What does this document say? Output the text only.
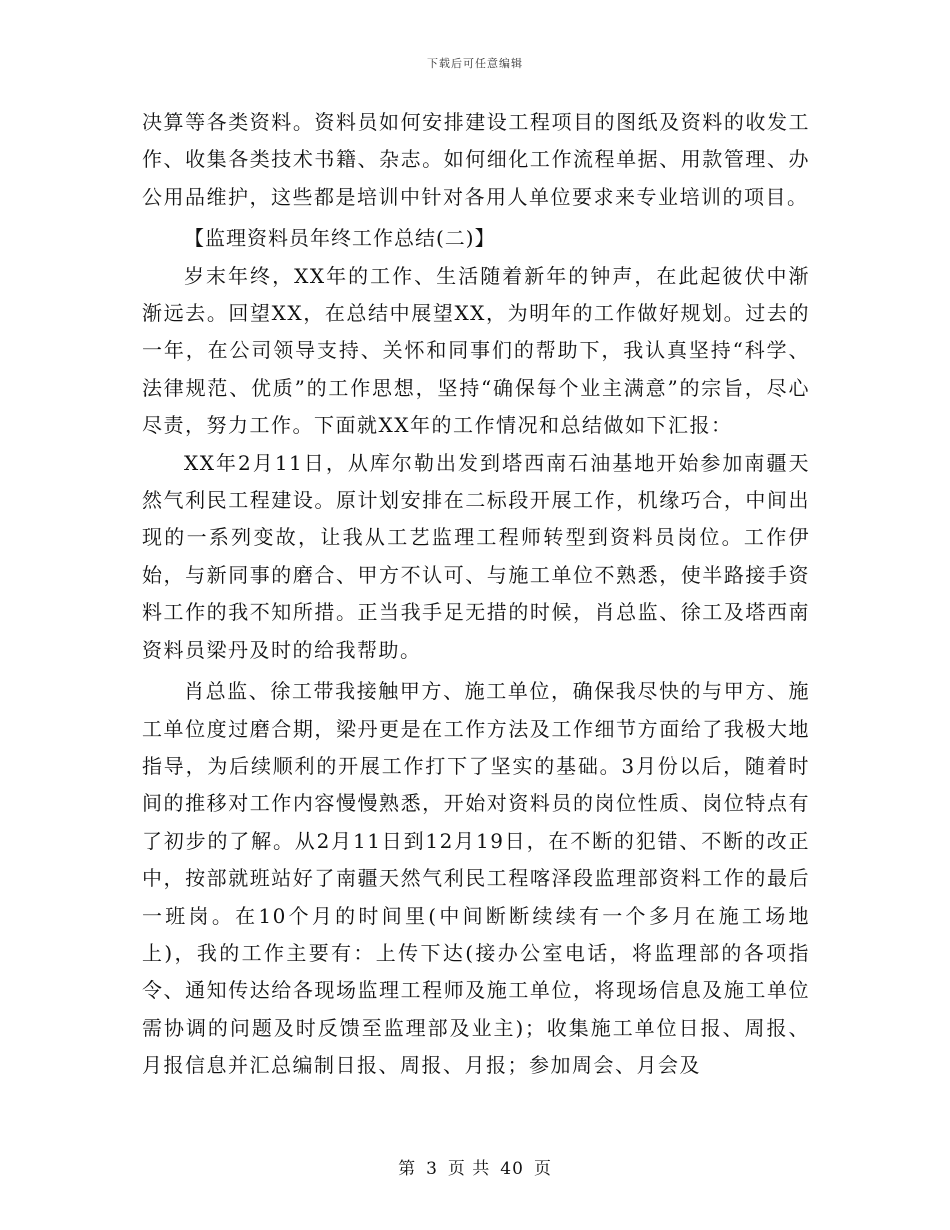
下载后可任意编辑

决算等各类资料。资料员如何安排建设工程项目的图纸及资料的收发工作、收集各类技术书籍、杂志。如何细化工作流程单据、用款管理、办公用品维护，这些都是培训中针对各用人单位要求来专业培训的项目。

【监理资料员年终工作总结(二)】

岁末年终，XX年的工作、生活随着新年的钟声，在此起彼伏中渐渐远去。回望XX，在总结中展望XX，为明年的工作做好规划。过去的一年，在公司领导支持、关怀和同事们的帮助下，我认真坚持“科学、法律规范、优质”的工作思想，坚持“确保每个业主满意”的宗旨，尽心尽责，努力工作。下面就XX年的工作情况和总结做如下汇报：

XX年2月11日，从库尔勒出发到塔西南石油基地开始参加南疆天然气利民工程建设。原计划安排在二标段开展工作，机缘巧合，中间出现的一系列变故，让我从工艺监理工程师转型到资料员岗位。工作伊始，与新同事的磨合、甲方不认可、与施工单位不熟悉，使半路接手资料工作的我不知所措。正当我手足无措的时候，肖总监、徐工及塔西南资料员梁丹及时的给我帮助。

肖总监、徐工带我接触甲方、施工单位，确保我尽快的与甲方、施工单位度过磨合期，梁丹更是在工作方法及工作细节方面给了我极大地指导，为后续顺利的开展工作打下了坚实的基础。3月份以后，随着时间的推移对工作内容慢慢熟悉，开始对资料员的岗位性质、岗位特点有了初步的了解。从2月11日到12月19日，在不断的犯错、不断的改正中，按部就班站好了南疆天然气利民工程喀泽段监理部资料工作的最后一班岗。在10个月的时间里(中间断断续续有一个多月在施工场地上)，我的工作主要有：上传下达(接办公室电话，将监理部的各项指令、通知传达给各现场监理工程师及施工单位，将现场信息及施工单位需协调的问题及时反馈至监理部及业主)；收集施工单位日报、周报、月报信息并汇总编制日报、周报、月报；参加周会、月会及

第 3 页 共 40 页
